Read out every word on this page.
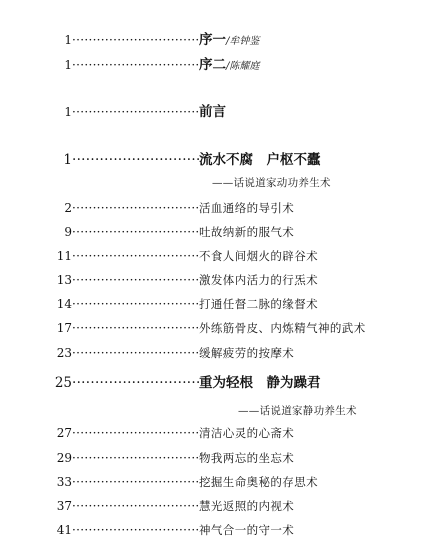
1 ·····	序一 /牟钟鉴
1 ·····	序二 /陈耀庭
1 ·····	前言
1 ·····	流水不腐　户枢不蠹
——话说道家动功养生术
2 ·····	活血通络的导引术
9 ·····	吐故纳新的服气术
11 ·····	不食人间烟火的辟谷术
13 ·····	激发体内活力的行炁术
14 ·····	打通任督二脉的缘督术
17 ·····	外练筋骨皮、内炼精气神的武术
23 ·····	缓解疲劳的按摩术
25 ·····	重为轻根　静为躁君
——话说道家静功养生术
27 ·····	清洁心灵的心斋术
29 ·····	物我两忘的坐忘术
33 ·····	挖掘生命奥秘的存思术
37 ·····	慧光返照的内视术
41 ·····	神气合一的守一术
